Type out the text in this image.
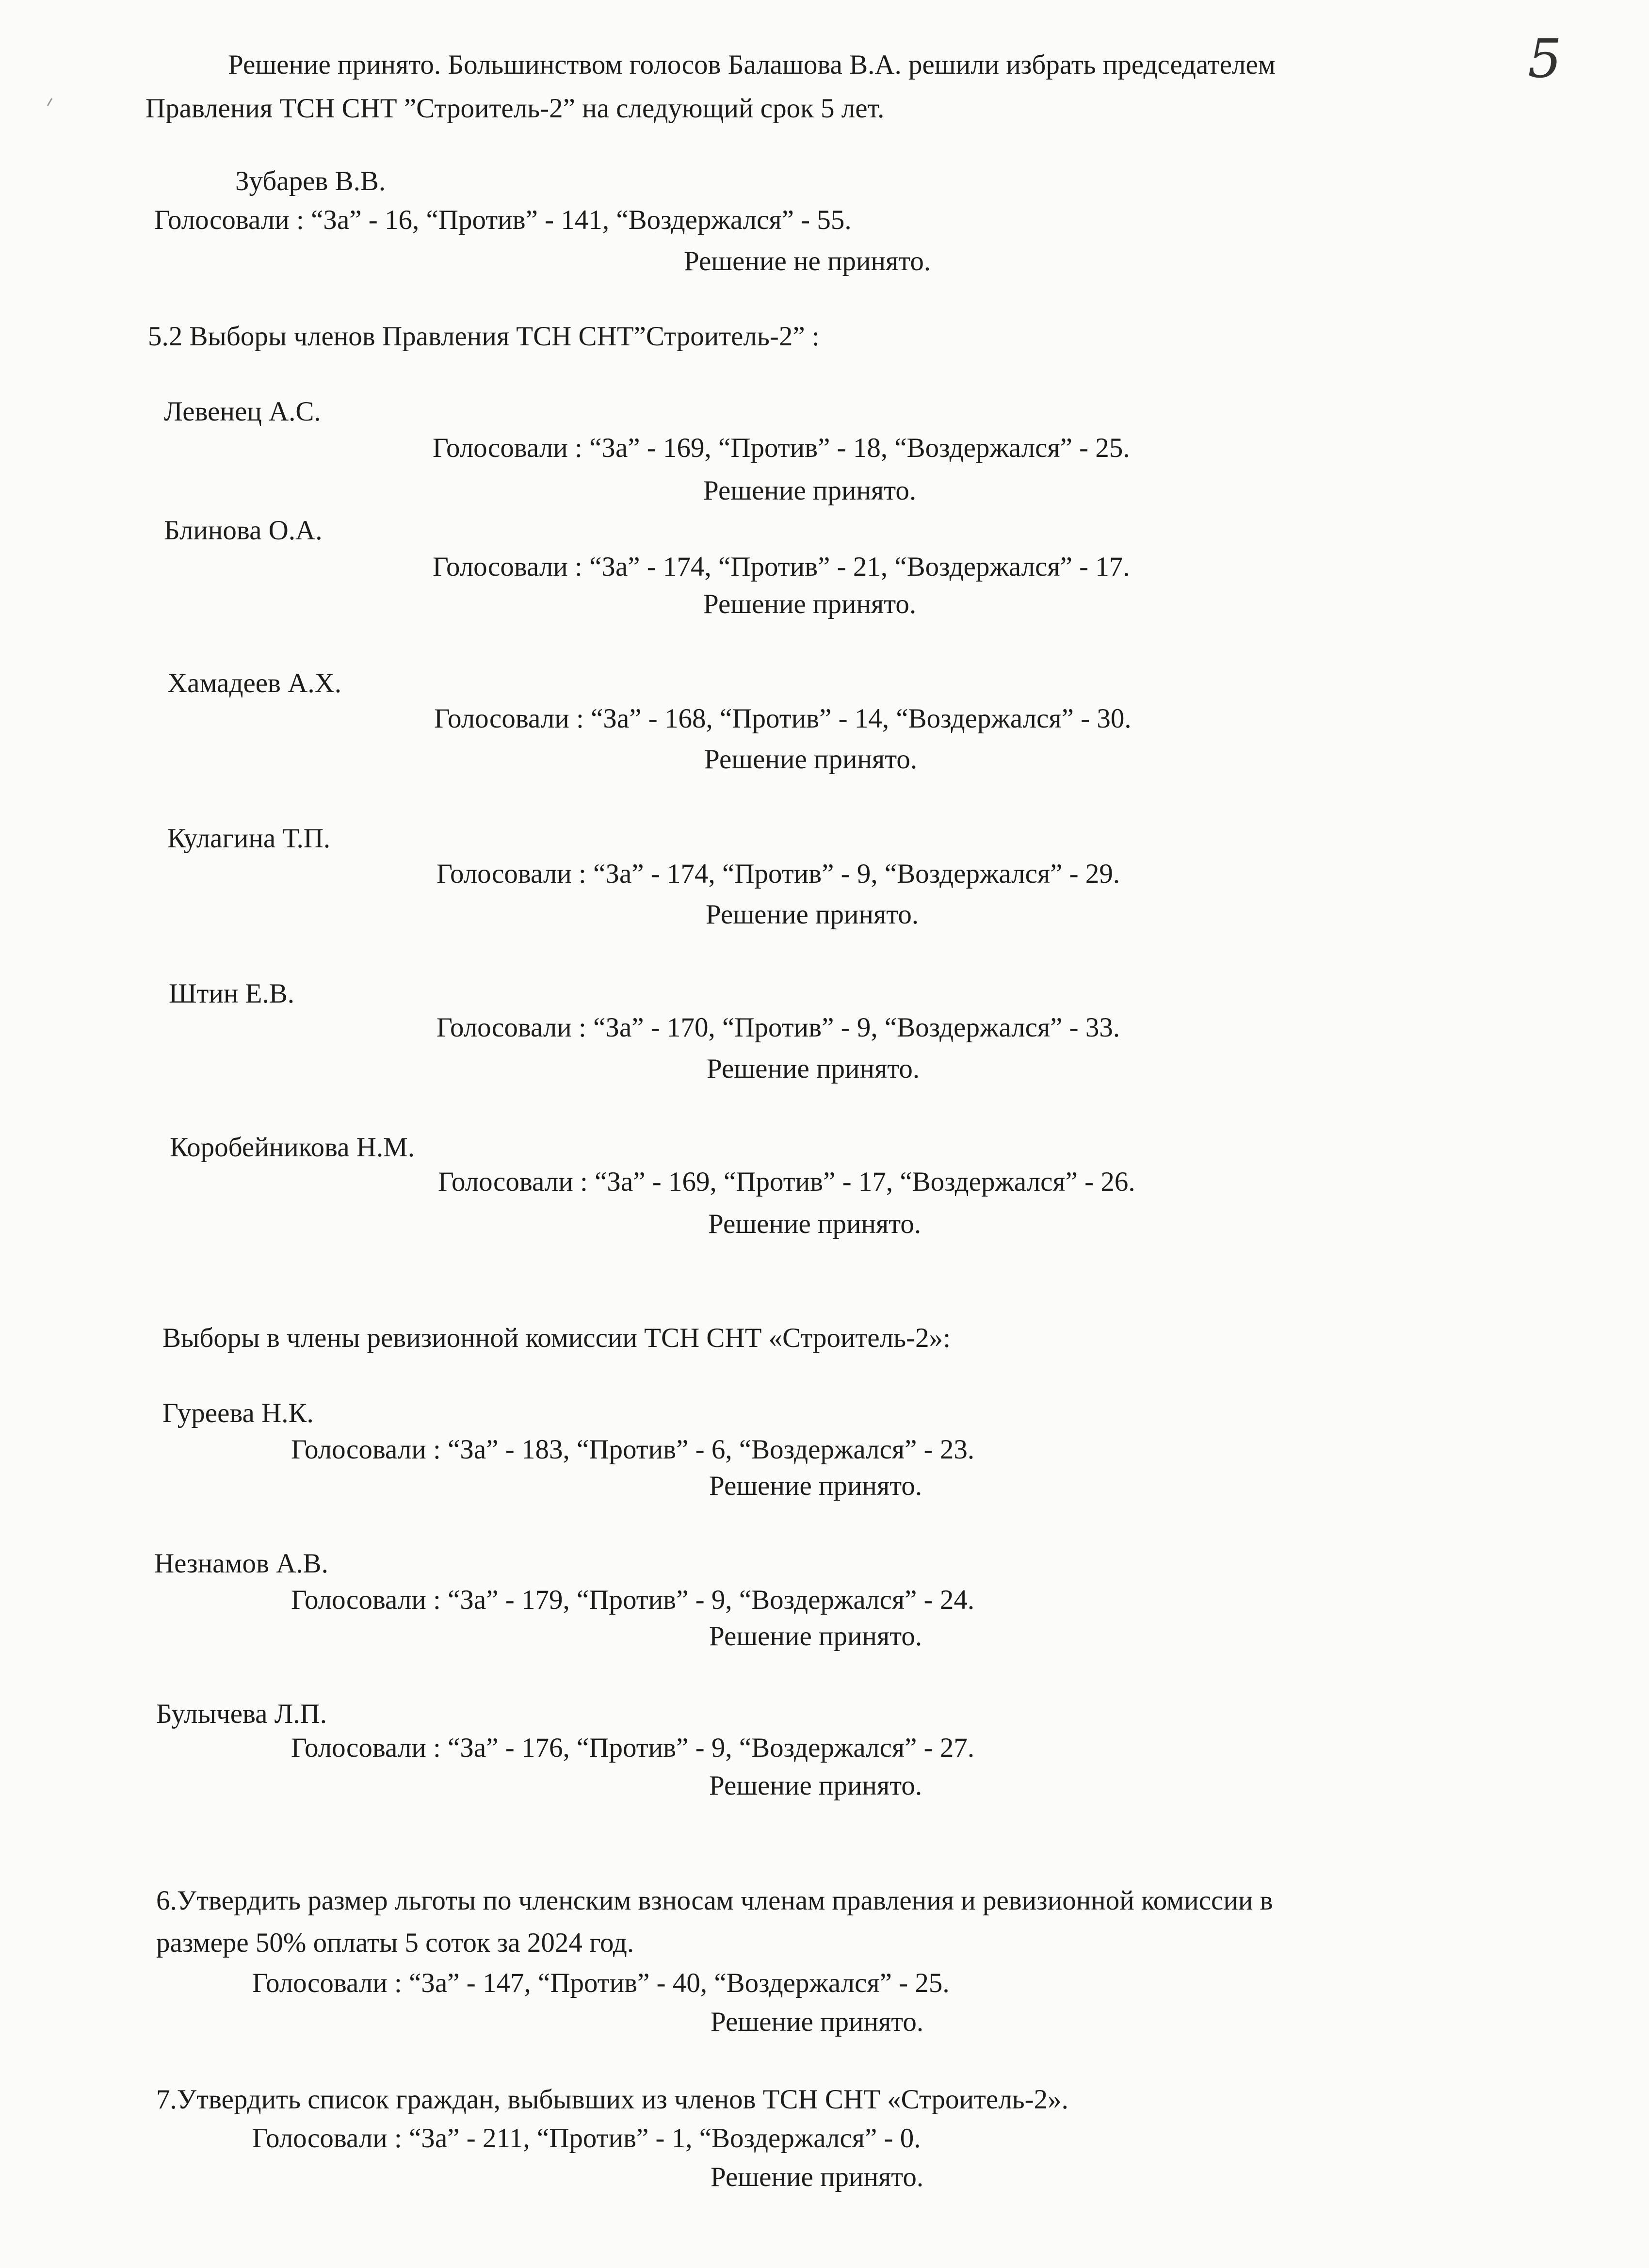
5
Решение принято. Большинством голосов Балашова В.А. решили избрать председателем
Правления ТСН СНТ ”Строитель-2” на следующий срок 5 лет.
Зубарев В.В.
Голосовали : “За” - 16, “Против” - 141, “Воздержался” - 55.
Решение не принято.
5.2 Выборы членов Правления ТСН СНТ”Строитель-2” :
Левенец А.С.
Голосовали : “За” - 169, “Против” - 18, “Воздержался” - 25.
Решение принято.
Блинова О.А.
Голосовали : “За” - 174, “Против” - 21, “Воздержался” - 17.
Решение принято.
Хамадеев А.Х.
Голосовали : “За” - 168, “Против” - 14, “Воздержался” - 30.
Решение принято.
Кулагина Т.П.
Голосовали : “За” - 174, “Против” - 9, “Воздержался” - 29.
Решение принято.
Штин Е.В.
Голосовали : “За” - 170, “Против” - 9, “Воздержался” - 33.
Решение принято.
Коробейникова Н.М.
Голосовали : “За” - 169, “Против” - 17, “Воздержался” - 26.
Решение принято.
Выборы в члены ревизионной комиссии ТСН СНТ «Строитель-2»:
Гуреева Н.К.
Голосовали : “За” - 183, “Против” - 6, “Воздержался” - 23.
Решение принято.
Незнамов А.В.
Голосовали : “За” - 179, “Против” - 9, “Воздержался” - 24.
Решение принято.
Булычева Л.П.
Голосовали : “За” - 176, “Против” - 9, “Воздержался” - 27.
Решение принято.
6.Утвердить размер льготы по членским взносам членам правления и ревизионной комиссии в
размере 50% оплаты 5 соток за 2024 год.
Голосовали : “За” - 147, “Против” - 40, “Воздержался” - 25.
Решение принято.
7.Утвердить список граждан, выбывших из членов ТСН СНТ «Строитель-2».
Голосовали : “За” - 211, “Против” - 1, “Воздержался” - 0.
Решение принято.
